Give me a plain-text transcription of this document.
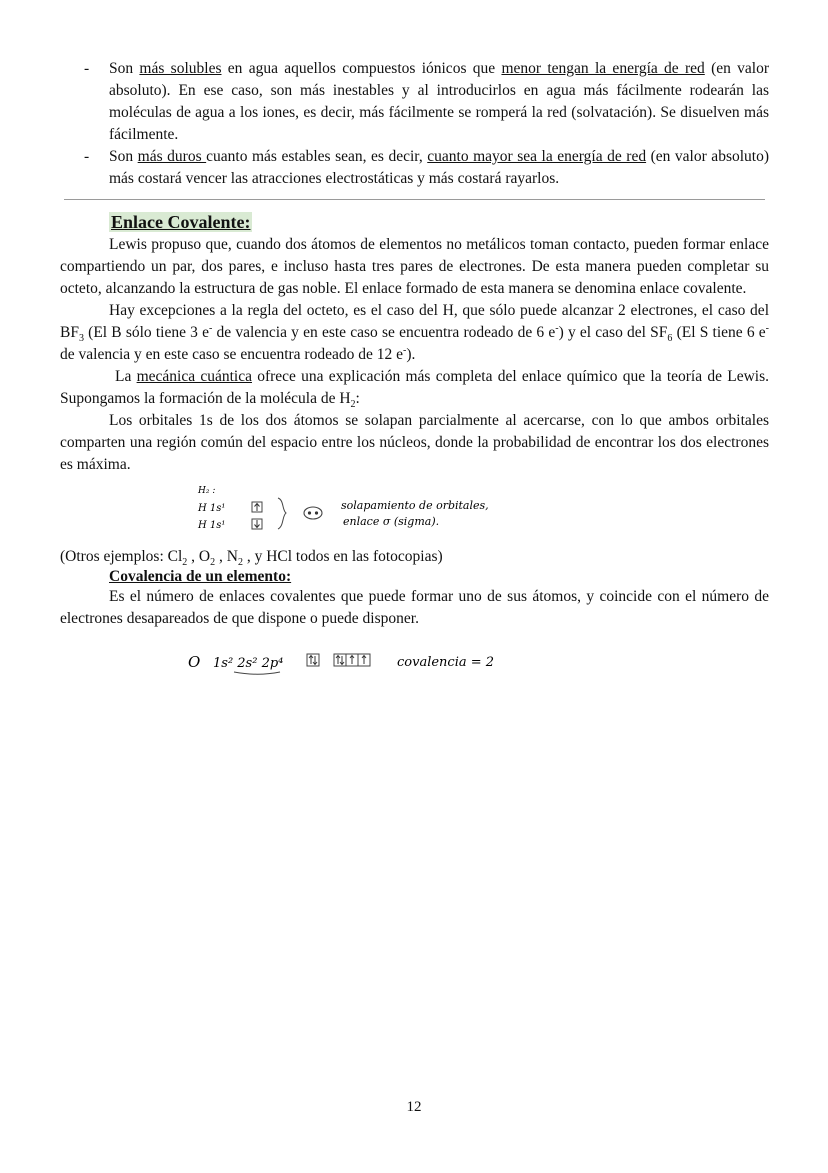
- Son más solubles en agua aquellos compuestos iónicos que menor tengan la energía de red (en valor absoluto). En ese caso, son más inestables y al introducirlos en agua más fácilmente rodearán las moléculas de agua a los iones, es decir, más fácilmente se romperá la red (solvatación). Se disuelven más fácilmente.
- Son más duros cuanto más estables sean, es decir, cuanto mayor sea la energía de red (en valor absoluto) más costará vencer las atracciones electrostáticas y más costará rayarlos.
Enlace Covalente:

Lewis propuso que, cuando dos átomos de elementos no metálicos toman contacto, pueden formar enlace compartiendo un par, dos pares, e incluso hasta tres pares de electrones. De esta manera pueden completar su octeto, alcanzando la estructura de gas noble. El enlace formado de esta manera se denomina enlace covalente.

Hay excepciones a la regla del octeto, es el caso del H, que sólo puede alcanzar 2 electrones, el caso del $BF_3$ (El B sólo tiene 3 e- de valencia y en este caso se encuentra rodeado de 6 e-) y el caso del $SF_6$ (El S tiene 6 e- de valencia y en este caso se encuentra rodeado de 12 e-).

La mecánica cuántica ofrece una explicación más completa del enlace químico que la teoría de Lewis. Supongamos la formación de la molécula de $H_2$:

Los orbitales 1s de los dos átomos se solapan parcialmente al acercarse, con lo que ambos orbitales comparten una región común del espacio entre los núcleos, donde la probabilidad de encontrar los dos electrones es máxima.

H₂ :
H 1s¹
H 1s¹
solapamiento de orbitales,
enlace σ (sigma).

(Otros ejemplos: $Cl_2$ , $O_2$ , $N_2$ , y HCl todos en las fotocopias)

Covalencia de un elemento:

Es el número de enlaces covalentes que puede formar uno de sus átomos, y coincide con el número de electrones desapareados de que dispone o puede disponer.

O 1s² 2s² 2p⁴	covalencia = 2
12
